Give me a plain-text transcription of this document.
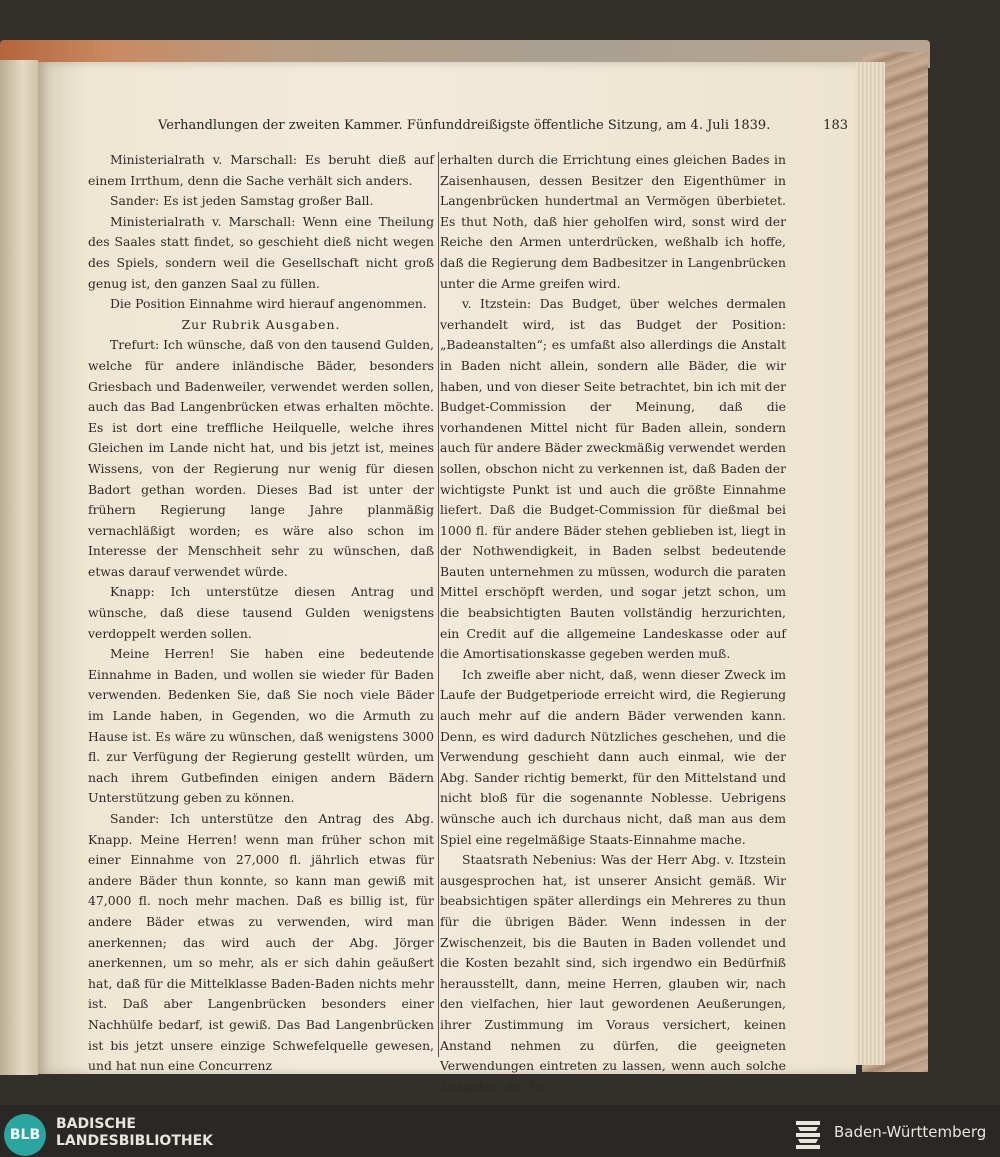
Verhandlungen der zweiten Kammer. Fünfunddreißigste öffentliche Sitzung, am 4. Juli 1839.	183

Ministerialrath v. Marschall: Es beruht dieß auf einem Irrthum, denn die Sache verhält sich anders.

Sander: Es ist jeden Samstag großer Ball.

Ministerialrath v. Marschall: Wenn eine Theilung des Saales statt findet, so geschieht dieß nicht wegen des Spiels, sondern weil die Gesellschaft nicht groß genug ist, den ganzen Saal zu füllen.

Die Position Einnahme wird hierauf angenommen.

Zur Rubrik Ausgaben.

Trefurt: Ich wünsche, daß von den tausend Gulden, welche für andere inländische Bäder, besonders Griesbach und Badenweiler, verwendet werden sollen, auch das Bad Langenbrücken etwas erhalten möchte. Es ist dort eine treffliche Heilquelle, welche ihres Gleichen im Lande nicht hat, und bis jetzt ist, meines Wissens, von der Regierung nur wenig für diesen Badort gethan worden. Dieses Bad ist unter der frühern Regierung lange Jahre planmäßig vernachläßigt worden; es wäre also schon im Interesse der Menschheit sehr zu wünschen, daß etwas darauf verwendet würde.

Knapp: Ich unterstütze diesen Antrag und wünsche, daß diese tausend Gulden wenigstens verdoppelt werden sollen.

Meine Herren! Sie haben eine bedeutende Einnahme in Baden, und wollen sie wieder für Baden verwenden. Bedenken Sie, daß Sie noch viele Bäder im Lande haben, in Gegenden, wo die Armuth zu Hause ist. Es wäre zu wünschen, daß wenigstens 3000 fl. zur Verfügung der Regierung gestellt würden, um nach ihrem Gutbefinden einigen andern Bädern Unterstützung geben zu können.

Sander: Ich unterstütze den Antrag des Abg. Knapp. Meine Herren! wenn man früher schon mit einer Einnahme von 27,000 fl. jährlich etwas für andere Bäder thun konnte, so kann man gewiß mit 47,000 fl. noch mehr machen. Daß es billig ist, für andere Bäder etwas zu verwenden, wird man anerkennen; das wird auch der Abg. Jörger anerkennen, um so mehr, als er sich dahin geäußert hat, daß für die Mittelklasse Baden-Baden nichts mehr ist. Daß aber Langenbrücken besonders einer Nachhülfe bedarf, ist gewiß. Das Bad Langenbrücken ist bis jetzt unsere einzige Schwefelquelle gewesen, und hat nun eine Concurrenz

erhalten durch die Errichtung eines gleichen Bades in Zaisenhausen, dessen Besitzer den Eigenthümer in Langenbrücken hundertmal an Vermögen überbietet. Es thut Noth, daß hier geholfen wird, sonst wird der Reiche den Armen unterdrücken, weßhalb ich hoffe, daß die Regierung dem Badbesitzer in Langenbrücken unter die Arme greifen wird.

v. Itzstein: Das Budget, über welches dermalen verhandelt wird, ist das Budget der Position: „Badeanstalten“; es umfaßt also allerdings die Anstalt in Baden nicht allein, sondern alle Bäder, die wir haben, und von dieser Seite betrachtet, bin ich mit der Budget-Commission der Meinung, daß die vorhandenen Mittel nicht für Baden allein, sondern auch für andere Bäder zweckmäßig verwendet werden sollen, obschon nicht zu verkennen ist, daß Baden der wichtigste Punkt ist und auch die größte Einnahme liefert. Daß die Budget-Commission für dießmal bei 1000 fl. für andere Bäder stehen geblieben ist, liegt in der Nothwendigkeit, in Baden selbst bedeutende Bauten unternehmen zu müssen, wodurch die paraten Mittel erschöpft werden, und sogar jetzt schon, um die beabsichtigten Bauten vollständig herzurichten, ein Credit auf die allgemeine Landeskasse oder auf die Amortisationskasse gegeben werden muß.

Ich zweifle aber nicht, daß, wenn dieser Zweck im Laufe der Budgetperiode erreicht wird, die Regierung auch mehr auf die andern Bäder verwenden kann. Denn, es wird dadurch Nützliches geschehen, und die Verwendung geschieht dann auch einmal, wie der Abg. Sander richtig bemerkt, für den Mittelstand und nicht bloß für die sogenannte Noblesse. Uebrigens wünsche auch ich durchaus nicht, daß man aus dem Spiel eine regelmäßige Staats-Einnahme mache.

Staatsrath Nebenius: Was der Herr Abg. v. Itzstein ausgesprochen hat, ist unserer Ansicht gemäß. Wir beabsichtigen später allerdings ein Mehreres zu thun für die übrigen Bäder. Wenn indessen in der Zwischenzeit, bis die Bauten in Baden vollendet und die Kosten bezahlt sind, sich irgendwo ein Bedürfniß herausstellt, dann, meine Herren, glauben wir, nach den vielfachen, hier laut gewordenen Aeußerungen, ihrer Zustimmung im Voraus versichert, keinen Anstand nehmen zu dürfen, die geeigneten Verwendungen eintreten zu lassen, wenn auch solche Ausgaben die Fol-

BLB
BADISCHE
LANDESBIBLIOTHEK	Baden-Württemberg
